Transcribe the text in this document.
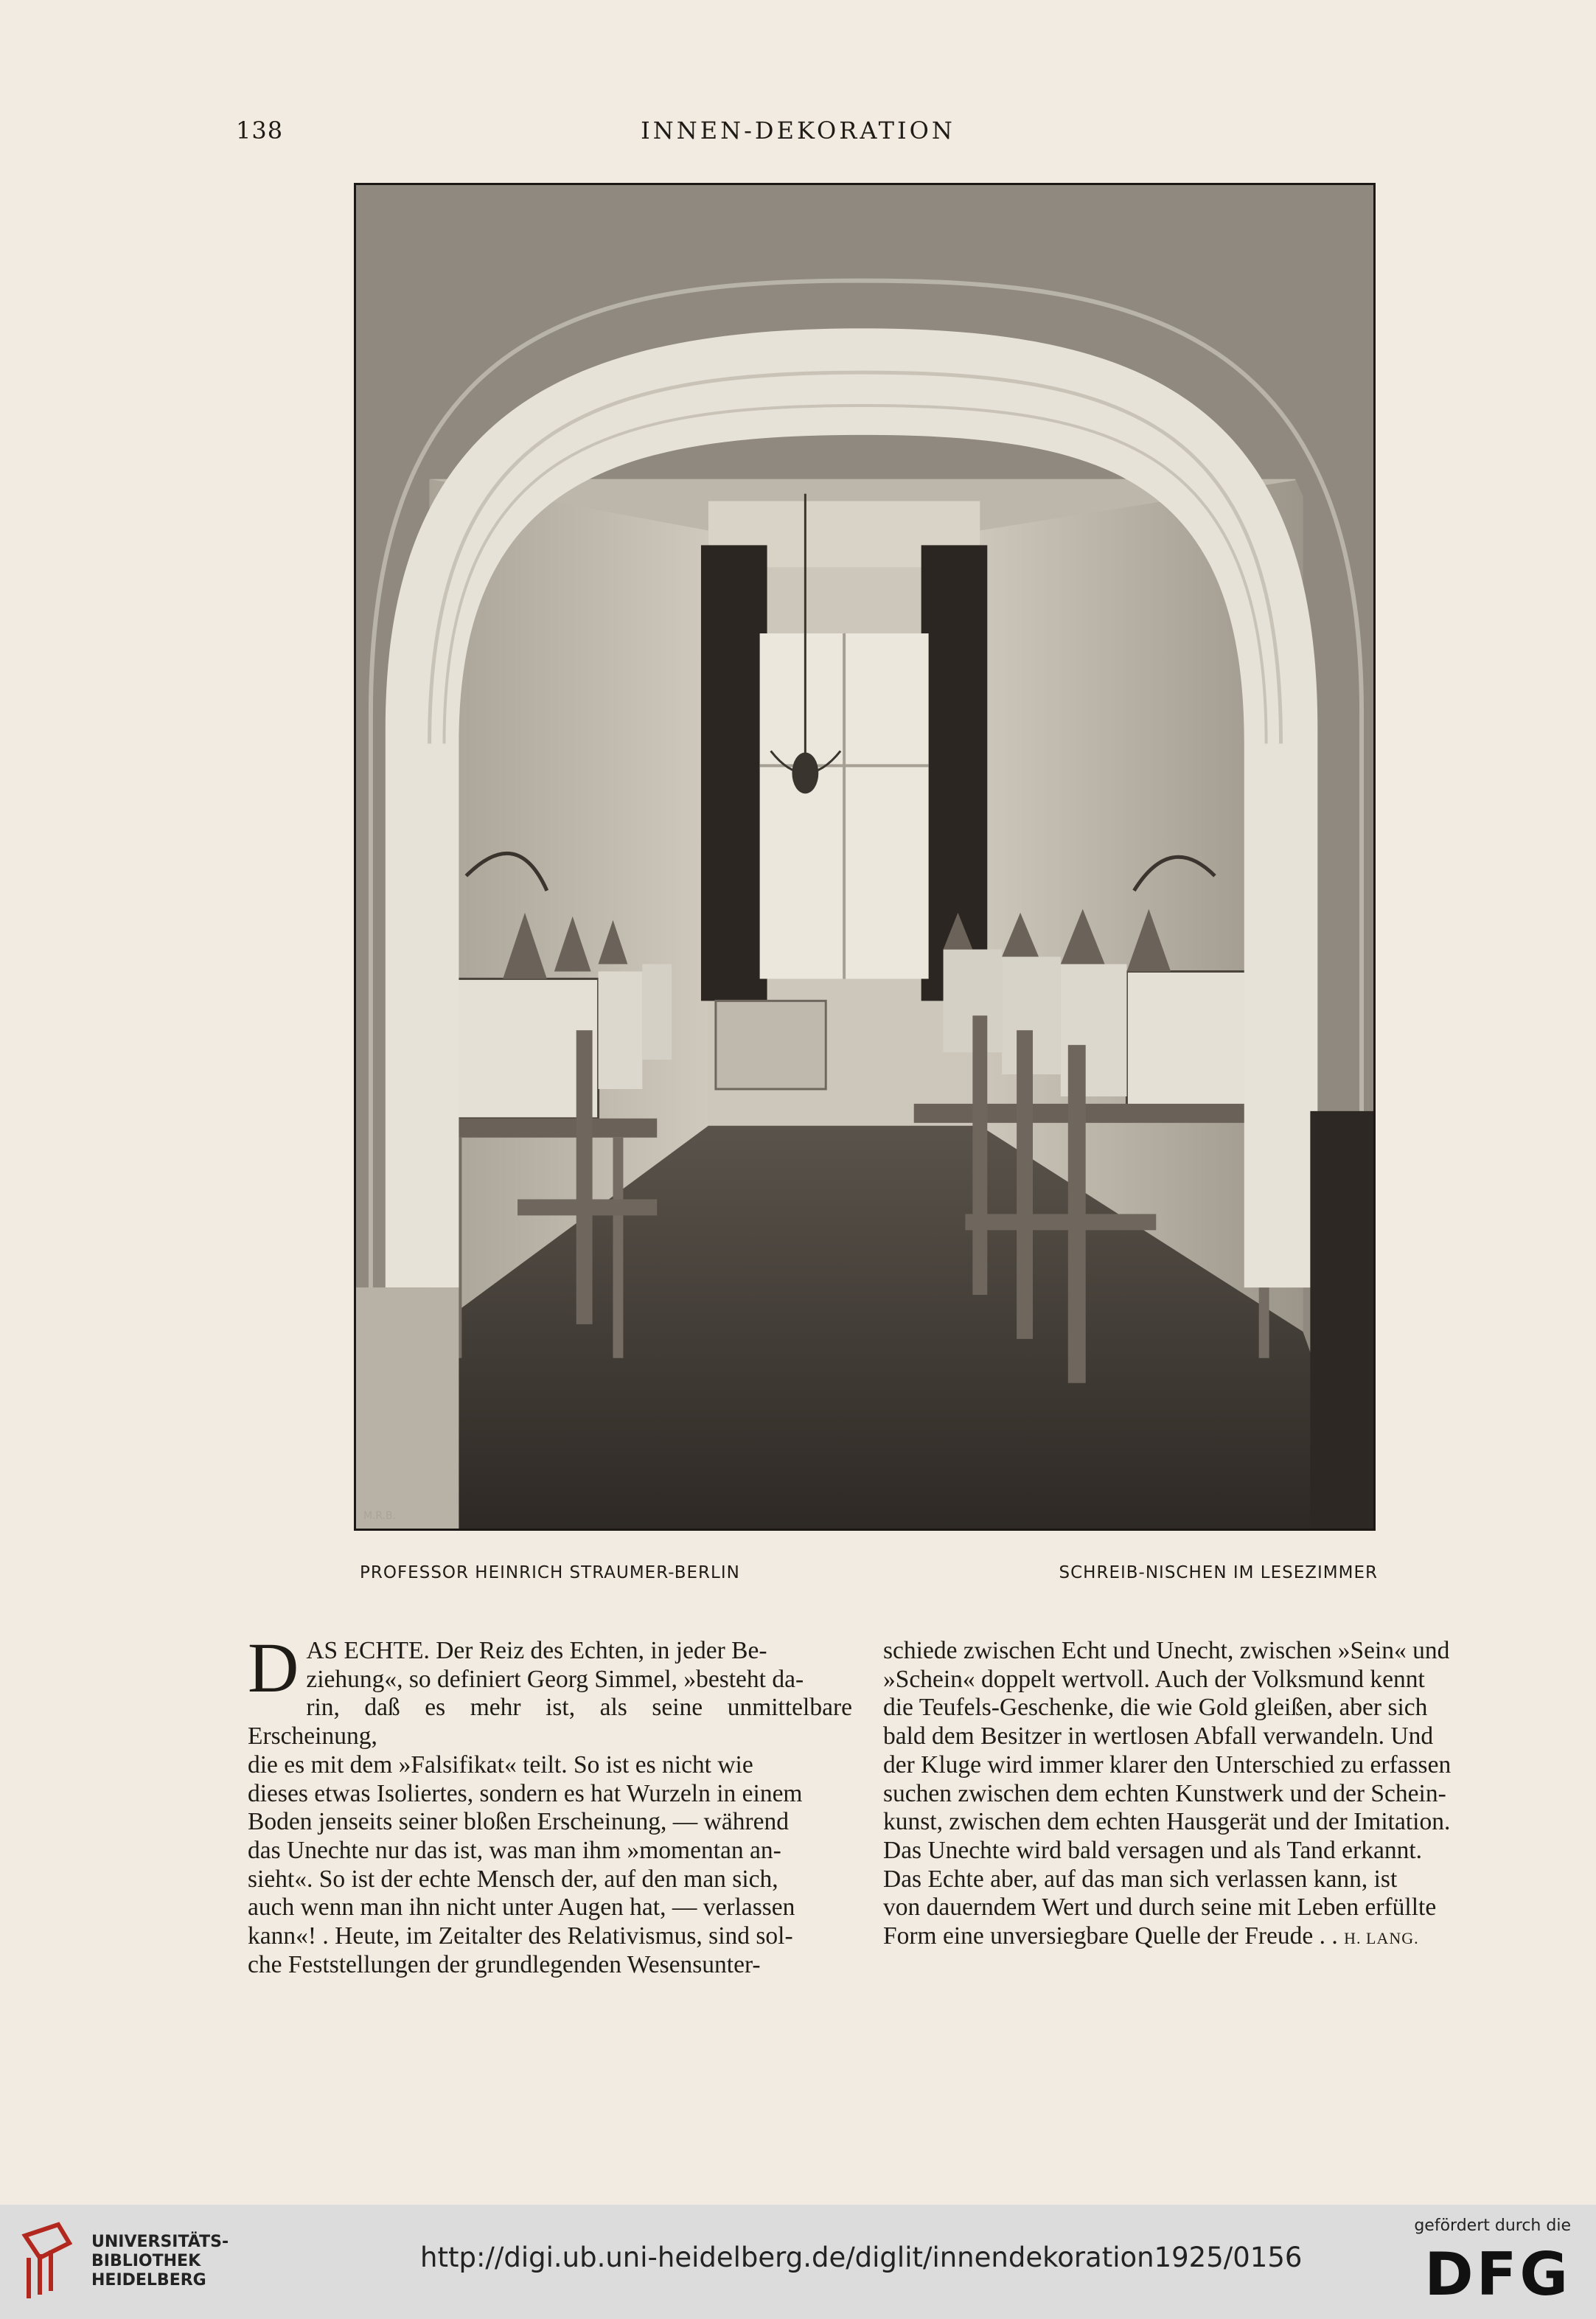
138	INNEN-DEKORATION
M.R.B.
PROFESSOR HEINRICH STRAUMER-BERLIN	SCHREIB-NISCHEN IM LESEZIMMER
DAS ECHTE. Der Reiz des Echten, in jeder Be-
ziehung«, so definiert Georg Simmel, »besteht da-
rin, daß es mehr ist, als seine unmittelbare Erscheinung,
die es mit dem »Falsifikat« teilt. So ist es nicht wie
dieses etwas Isoliertes, sondern es hat Wurzeln in einem
Boden jenseits seiner bloßen Erscheinung, — während
das Unechte nur das ist, was man ihm »momentan an-
sieht«. So ist der echte Mensch der, auf den man sich,
auch wenn man ihn nicht unter Augen hat, — verlassen
kann«! . Heute, im Zeitalter des Relativismus, sind sol-
che Feststellungen der grundlegenden Wesensunter-
schiede zwischen Echt und Unecht, zwischen »Sein« und
»Schein« doppelt wertvoll. Auch der Volksmund kennt
die Teufels-Geschenke, die wie Gold gleißen, aber sich
bald dem Besitzer in wertlosen Abfall verwandeln. Und
der Kluge wird immer klarer den Unterschied zu erfassen
suchen zwischen dem echten Kunstwerk und der Schein-
kunst, zwischen dem echten Hausgerät und der Imitation.
Das Unechte wird bald versagen und als Tand erkannt.
Das Echte aber, auf das man sich verlassen kann, ist
von dauerndem Wert und durch seine mit Leben erfüllte
Form eine unversiegbare Quelle der Freude . . H. LANG.
UNIVERSITÄTS-
BIBLIOTHEK
HEIDELBERG
http://digi.ub.uni-heidelberg.de/diglit/innendekoration1925/0156
gefördert durch die
DFG
